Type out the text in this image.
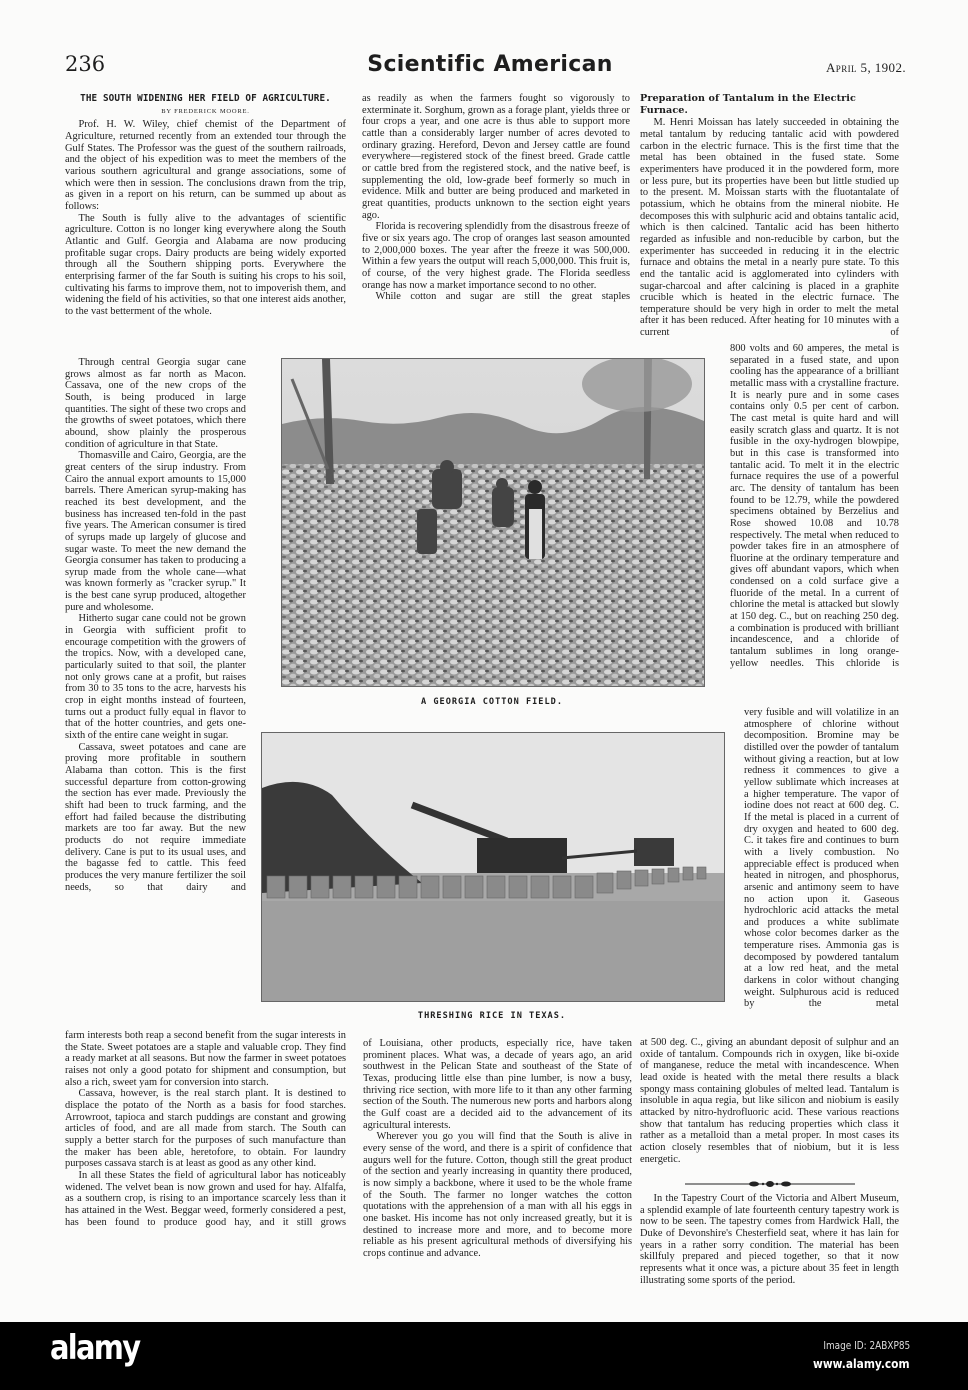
236	Scientific American	April 5, 1902.
THE SOUTH WIDENING HER FIELD OF AGRICULTURE.
BY FREDERICK MOORE.

Prof. H. W. Wiley, chief chemist of the Department of Agriculture, returned recently from an extended tour through the Gulf States. The Professor was the guest of the southern railroads, and the object of his expedition was to meet the members of the various southern agricultural and grange associations, some of which were then in session. The conclusions drawn from the trip, as given in a report on his return, can be summed up about as follows:

The South is fully alive to the advantages of scientific agriculture. Cotton is no longer king everywhere along the South Atlantic and Gulf. Georgia and Alabama are now producing profitable sugar crops. Dairy products are being widely exported through all the Southern shipping ports. Everywhere the enterprising farmer of the far South is suiting his crops to his soil, cultivating his farms to improve them, not to impoverish them, and widening the field of his activities, so that one interest aids another, to the vast betterment of the whole.

Through central Georgia sugar cane grows almost as far north as Macon. Cassava, one of the new crops of the South, is being produced in large quantities. The sight of these two crops and the growths of sweet potatoes, which there abound, show plainly the prosperous condition of agriculture in that State.

Thomasville and Cairo, Georgia, are the great centers of the sirup industry. From Cairo the annual export amounts to 15,000 barrels. There American syrup-making has reached its best development, and the business has increased ten-fold in the past five years. The American consumer is tired of syrups made up largely of glucose and sugar waste. To meet the new demand the Georgia consumer has taken to producing a syrup made from the whole cane—what was known formerly as "cracker syrup." It is the best cane syrup produced, altogether pure and wholesome.

Hitherto sugar cane could not be grown in Georgia with sufficient profit to encourage competition with the growers of the tropics. Now, with a developed cane, particularly suited to that soil, the planter not only grows cane at a profit, but raises from 30 to 35 tons to the acre, harvests his crop in eight months instead of fourteen, turns out a product fully equal in flavor to that of the hotter countries, and gets one-sixth of the entire cane weight in sugar.

Cassava, sweet potatoes and cane are proving more profitable in southern Alabama than cotton. This is the first successful departure from cotton-growing the section has ever made. Previously the shift had been to truck farming, and the effort had failed because the distributing markets are too far away. But the new products do not require immediate delivery. Cane is put to its usual uses, and the bagasse fed to cattle. This feed produces the very manure fertilizer the soil needs, so that dairy and

farm interests both reap a second benefit from the sugar interests in the State. Sweet potatoes are a staple and valuable crop. They find a ready market at all seasons. But now the farmer in sweet potatoes raises not only a good potato for shipment and consumption, but also a rich, sweet yam for conversion into starch.

Cassava, however, is the real starch plant. It is destined to displace the potato of the North as a basis for food starches. Arrowroot, tapioca and starch puddings are constant and growing articles of food, and are all made from starch. The South can supply a better starch for the purposes of such manufacture than the maker has been able, heretofore, to obtain. For laundry purposes cassava starch is at least as good as any other kind.

In all these States the field of agricultural labor has noticeably widened. The velvet bean is now grown and used for hay. Alfalfa, as a southern crop, is rising to an importance scarcely less than it has attained in the West. Beggar weed, formerly considered a pest, has been found to produce good hay, and it still grows

as readily as when the farmers fought so vigorously to exterminate it. Sorghum, grown as a forage plant, yields three or four crops a year, and one acre is thus able to support more cattle than a considerably larger number of acres devoted to ordinary grazing. Hereford, Devon and Jersey cattle are found everywhere—registered stock of the finest breed. Grade cattle or cattle bred from the registered stock, and the native beef, is supplementing the old, low-grade beef formerly so much in evidence. Milk and butter are being produced and marketed in great quantities, products unknown to the section eight years ago.

Florida is recovering splendidly from the disastrous freeze of five or six years ago. The crop of oranges last season amounted to 2,000,000 boxes. The year after the freeze it was 500,000. Within a few years the output will reach 5,000,000. This fruit is, of course, of the very highest grade. The Florida seedless orange has now a market importance second to no other.

While cotton and sugar are still the great staples

of Louisiana, other products, especially rice, have taken prominent places. What was, a decade of years ago, an arid southwest in the Pelican State and southeast of the State of Texas, producing little else than pine lumber, is now a busy, thriving rice section, with more life to it than any other farming section of the South. The numerous new ports and harbors along the Gulf coast are a decided aid to the advancement of its agricultural interests.

Wherever you go you will find that the South is alive in every sense of the word, and there is a spirit of confidence that augurs well for the future. Cotton, though still the great product of the section and yearly increasing in quantity there produced, is now simply a backbone, where it used to be the whole frame of the South. The farmer no longer watches the cotton quotations with the apprehension of a man with all his eggs in one basket. His income has not only increased greatly, but it is destined to increase more and more, and to become more reliable as his present agricultural methods of diversifying his crops continue and advance.

A GEORGIA COTTON FIELD.
THRESHING RICE IN TEXAS.
Preparation of Tantalum in the Electric Furnace.

M. Henri Moissan has lately succeeded in obtaining the metal tantalum by reducing tantalic acid with powdered carbon in the electric furnace. This is the first time that the metal has been obtained in the fused state. Some experimenters have produced it in the powdered form, more or less pure, but its properties have been but little studied up to the present. M. Moissan starts with the fluotantalate of potassium, which he obtains from the mineral niobite. He decomposes this with sulphuric acid and obtains tantalic acid, which is then calcined. Tantalic acid has been hitherto regarded as infusible and non-reducible by carbon, but the experimenter has succeeded in reducing it in the electric furnace and obtains the metal in a nearly pure state. To this end the tantalic acid is agglomerated into cylinders with sugar-charcoal and after calcining is placed in a graphite crucible which is heated in the electric furnace. The temperature should be very high in order to melt the metal after it has been reduced. After heating for 10 minutes with a current of

800 volts and 60 amperes, the metal is separated in a fused state, and upon cooling has the appearance of a brilliant metallic mass with a crystalline fracture. It is nearly pure and in some cases contains only 0.5 per cent of carbon. The cast metal is quite hard and will easily scratch glass and quartz. It is not fusible in the oxy-hydrogen blowpipe, but in this case is transformed into tantalic acid. To melt it in the electric furnace requires the use of a powerful arc. The density of tantalum has been found to be 12.79, while the powdered specimens obtained by Berzelius and Rose showed 10.08 and 10.78 respectively. The metal when reduced to powder takes fire in an atmosphere of fluorine at the ordinary temperature and gives off abundant vapors, which when condensed on a cold surface give a fluoride of the metal. In a current of chlorine the metal is attacked but slowly at 150 deg. C., but on reaching 250 deg. a combination is produced with brilliant incandescence, and a chloride of tantalum sublimes in long orange-yellow needles. This chloride is

very fusible and will volatilize in an atmosphere of chlorine without decomposition. Bromine may be distilled over the powder of tantalum without giving a reaction, but at low redness it commences to give a yellow sublimate which increases at a higher temperature. The vapor of iodine does not react at 600 deg. C. If the metal is placed in a current of dry oxygen and heated to 600 deg. C. it takes fire and continues to burn with a lively combustion. No appreciable effect is produced when heated in nitrogen, and phosphorus, arsenic and antimony seem to have no action upon it. Gaseous hydrochloric acid attacks the metal and produces a white sublimate whose color becomes darker as the temperature rises. Ammonia gas is decomposed by powdered tantalum at a low red heat, and the metal darkens in color without changing weight. Sulphurous acid is reduced by the metal

at 500 deg. C., giving an abundant deposit of sulphur and an oxide of tantalum. Compounds rich in oxygen, like bi-oxide of manganese, reduce the metal with incandescence. When lead oxide is heated with the metal there results a black spongy mass containing globules of melted lead. Tantalum is insoluble in aqua regia, but like silicon and niobium is easily attacked by nitro-hydrofluoric acid. These various reactions show that tantalum has reducing properties which class it rather as a metalloid than a metal proper. In most cases its action closely resembles that of niobium, but it is less energetic.

In the Tapestry Court of the Victoria and Albert Museum, a splendid example of late fourteenth century tapestry work is now to be seen. The tapestry comes from Hardwick Hall, the Duke of Devonshire's Chesterfield seat, where it has lain for years in a rather sorry condition. The material has been skillfuly prepared and pieced together, so that it now represents what it once was, a picture about 35 feet in length illustrating some sports of the period.

alamy	Image ID: 2ABXP85
www.alamy.com
